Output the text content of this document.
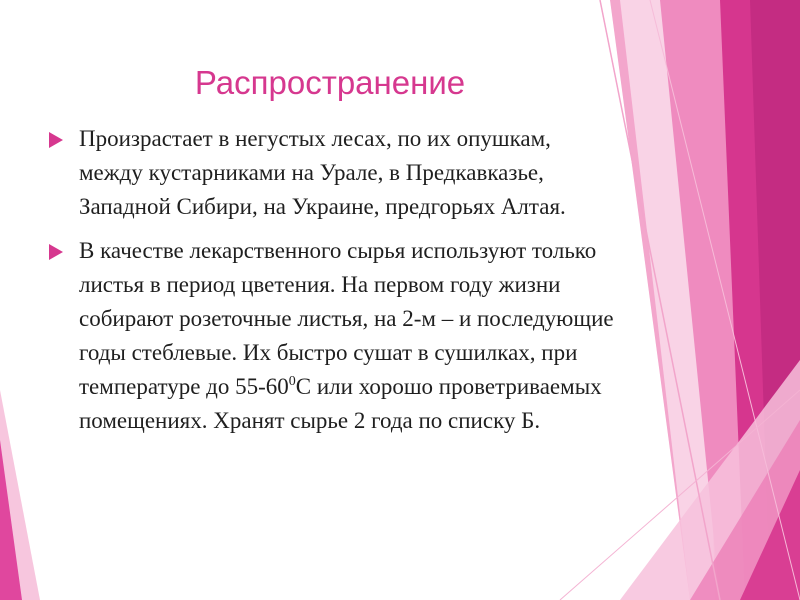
Распространение
Произрастает в негустых лесах, по их опушкам,
между кустарниками на Урале, в Предкавказье,
Западной Сибири, на Украине, предгорьях Алтая.
В качестве лекарственного сырья используют только
листья в период цветения. На первом году жизни
собирают розеточные листья, на 2-м – и последующие
годы стеблевые. Их быстро сушат в сушилках, при
температуре до $55-60^0С$ или хорошо проветриваемых
помещениях. Хранят сырье 2 года по списку Б.
